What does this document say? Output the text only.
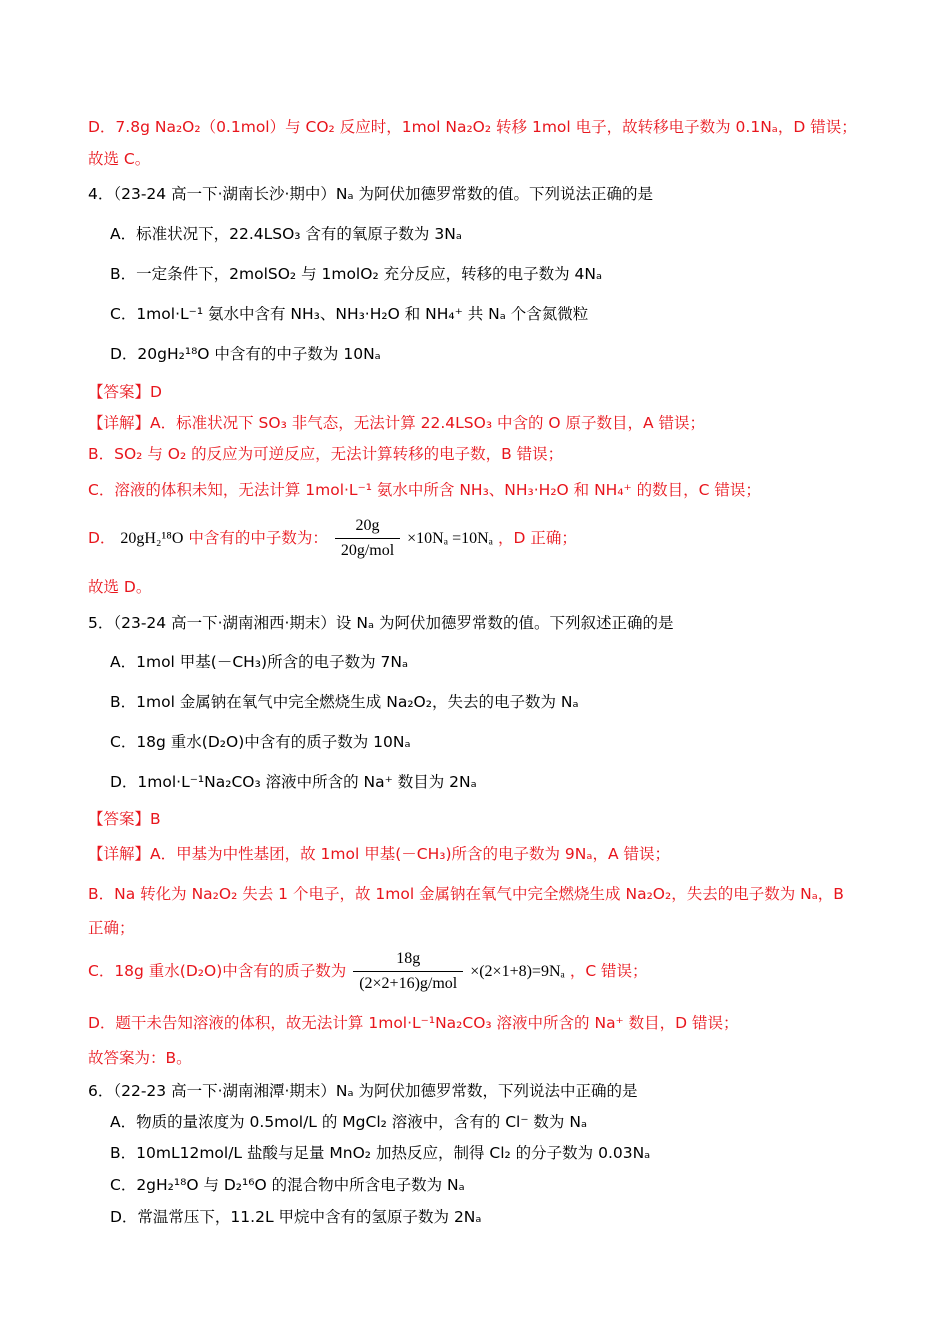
D．7.8g Na₂O₂（0.1mol）与 CO₂ 反应时，1mol Na₂O₂ 转移 1mol 电子，故转移电子数为 0.1Nₐ，D 错误；
故选 C。
4．（23-24 高一下·湖南长沙·期中）Nₐ 为阿伏加德罗常数的值。下列说法正确的是
A．标准状况下，22.4LSO₃ 含有的氧原子数为 3Nₐ
B．一定条件下，2molSO₂ 与 1molO₂ 充分反应，转移的电子数为 4Nₐ
C．1mol·L⁻¹ 氨水中含有 NH₃、NH₃·H₂O 和 NH₄⁺ 共 Nₐ 个含氮微粒
D．20gH₂¹⁸O 中含有的中子数为 10Nₐ
【答案】D
【详解】A．标准状况下 SO₃ 非气态，无法计算 22.4LSO₃ 中含的 O 原子数目，A 错误；
B．SO₂ 与 O₂ 的反应为可逆反应，无法计算转移的电子数，B 错误；
C．溶液的体积未知，无法计算 1mol·L⁻¹ 氨水中所含 NH₃、NH₃·H₂O 和 NH₄⁺ 的数目，C 错误；
D． 20gH₂¹⁸O 中含有的中子数为： $\frac{20g}{\text{20g/mol}} \times 10N_a =10N_a$ ，D 正确；
故选 D。
5．（23-24 高一下·湖南湘西·期末）设 Nₐ 为阿伏加德罗常数的值。下列叙述正确的是
A．1mol 甲基(－CH₃)所含的电子数为 7Nₐ
B．1mol 金属钠在氧气中完全燃烧生成 Na₂O₂，失去的电子数为 Nₐ
C．18g 重水(D₂O)中含有的质子数为 10Nₐ
D．1mol·L⁻¹Na₂CO₃ 溶液中所含的 Na⁺ 数目为 2Nₐ
【答案】B
【详解】A．甲基为中性基团，故 1mol 甲基(－CH₃)所含的电子数为 9Nₐ，A 错误；
B．Na 转化为 Na₂O₂ 失去 1 个电子，故 1mol 金属钠在氧气中完全燃烧生成 Na₂O₂，失去的电子数为 Nₐ，B
正确；
C．18g 重水(D₂O)中含有的质子数为 $\frac{18g}{\text{(2×2+16)g/mol}} \times(2\times 1+8)=9N_a$ ，C 错误；
D．题干未告知溶液的体积，故无法计算 1mol·L⁻¹Na₂CO₃ 溶液中所含的 Na⁺ 数目，D 错误；
故答案为：B。
6．（22-23 高一下·湖南湘潭·期末）Nₐ 为阿伏加德罗常数，下列说法中正确的是
A．物质的量浓度为 0.5mol/L 的 MgCl₂ 溶液中，含有的 Cl⁻ 数为 Nₐ
B．10mL12mol/L 盐酸与足量 MnO₂ 加热反应，制得 Cl₂ 的分子数为 0.03Nₐ
C．2gH₂¹⁸O 与 D₂¹⁶O 的混合物中所含电子数为 Nₐ
D．常温常压下，11.2L 甲烷中含有的氢原子数为 2Nₐ
